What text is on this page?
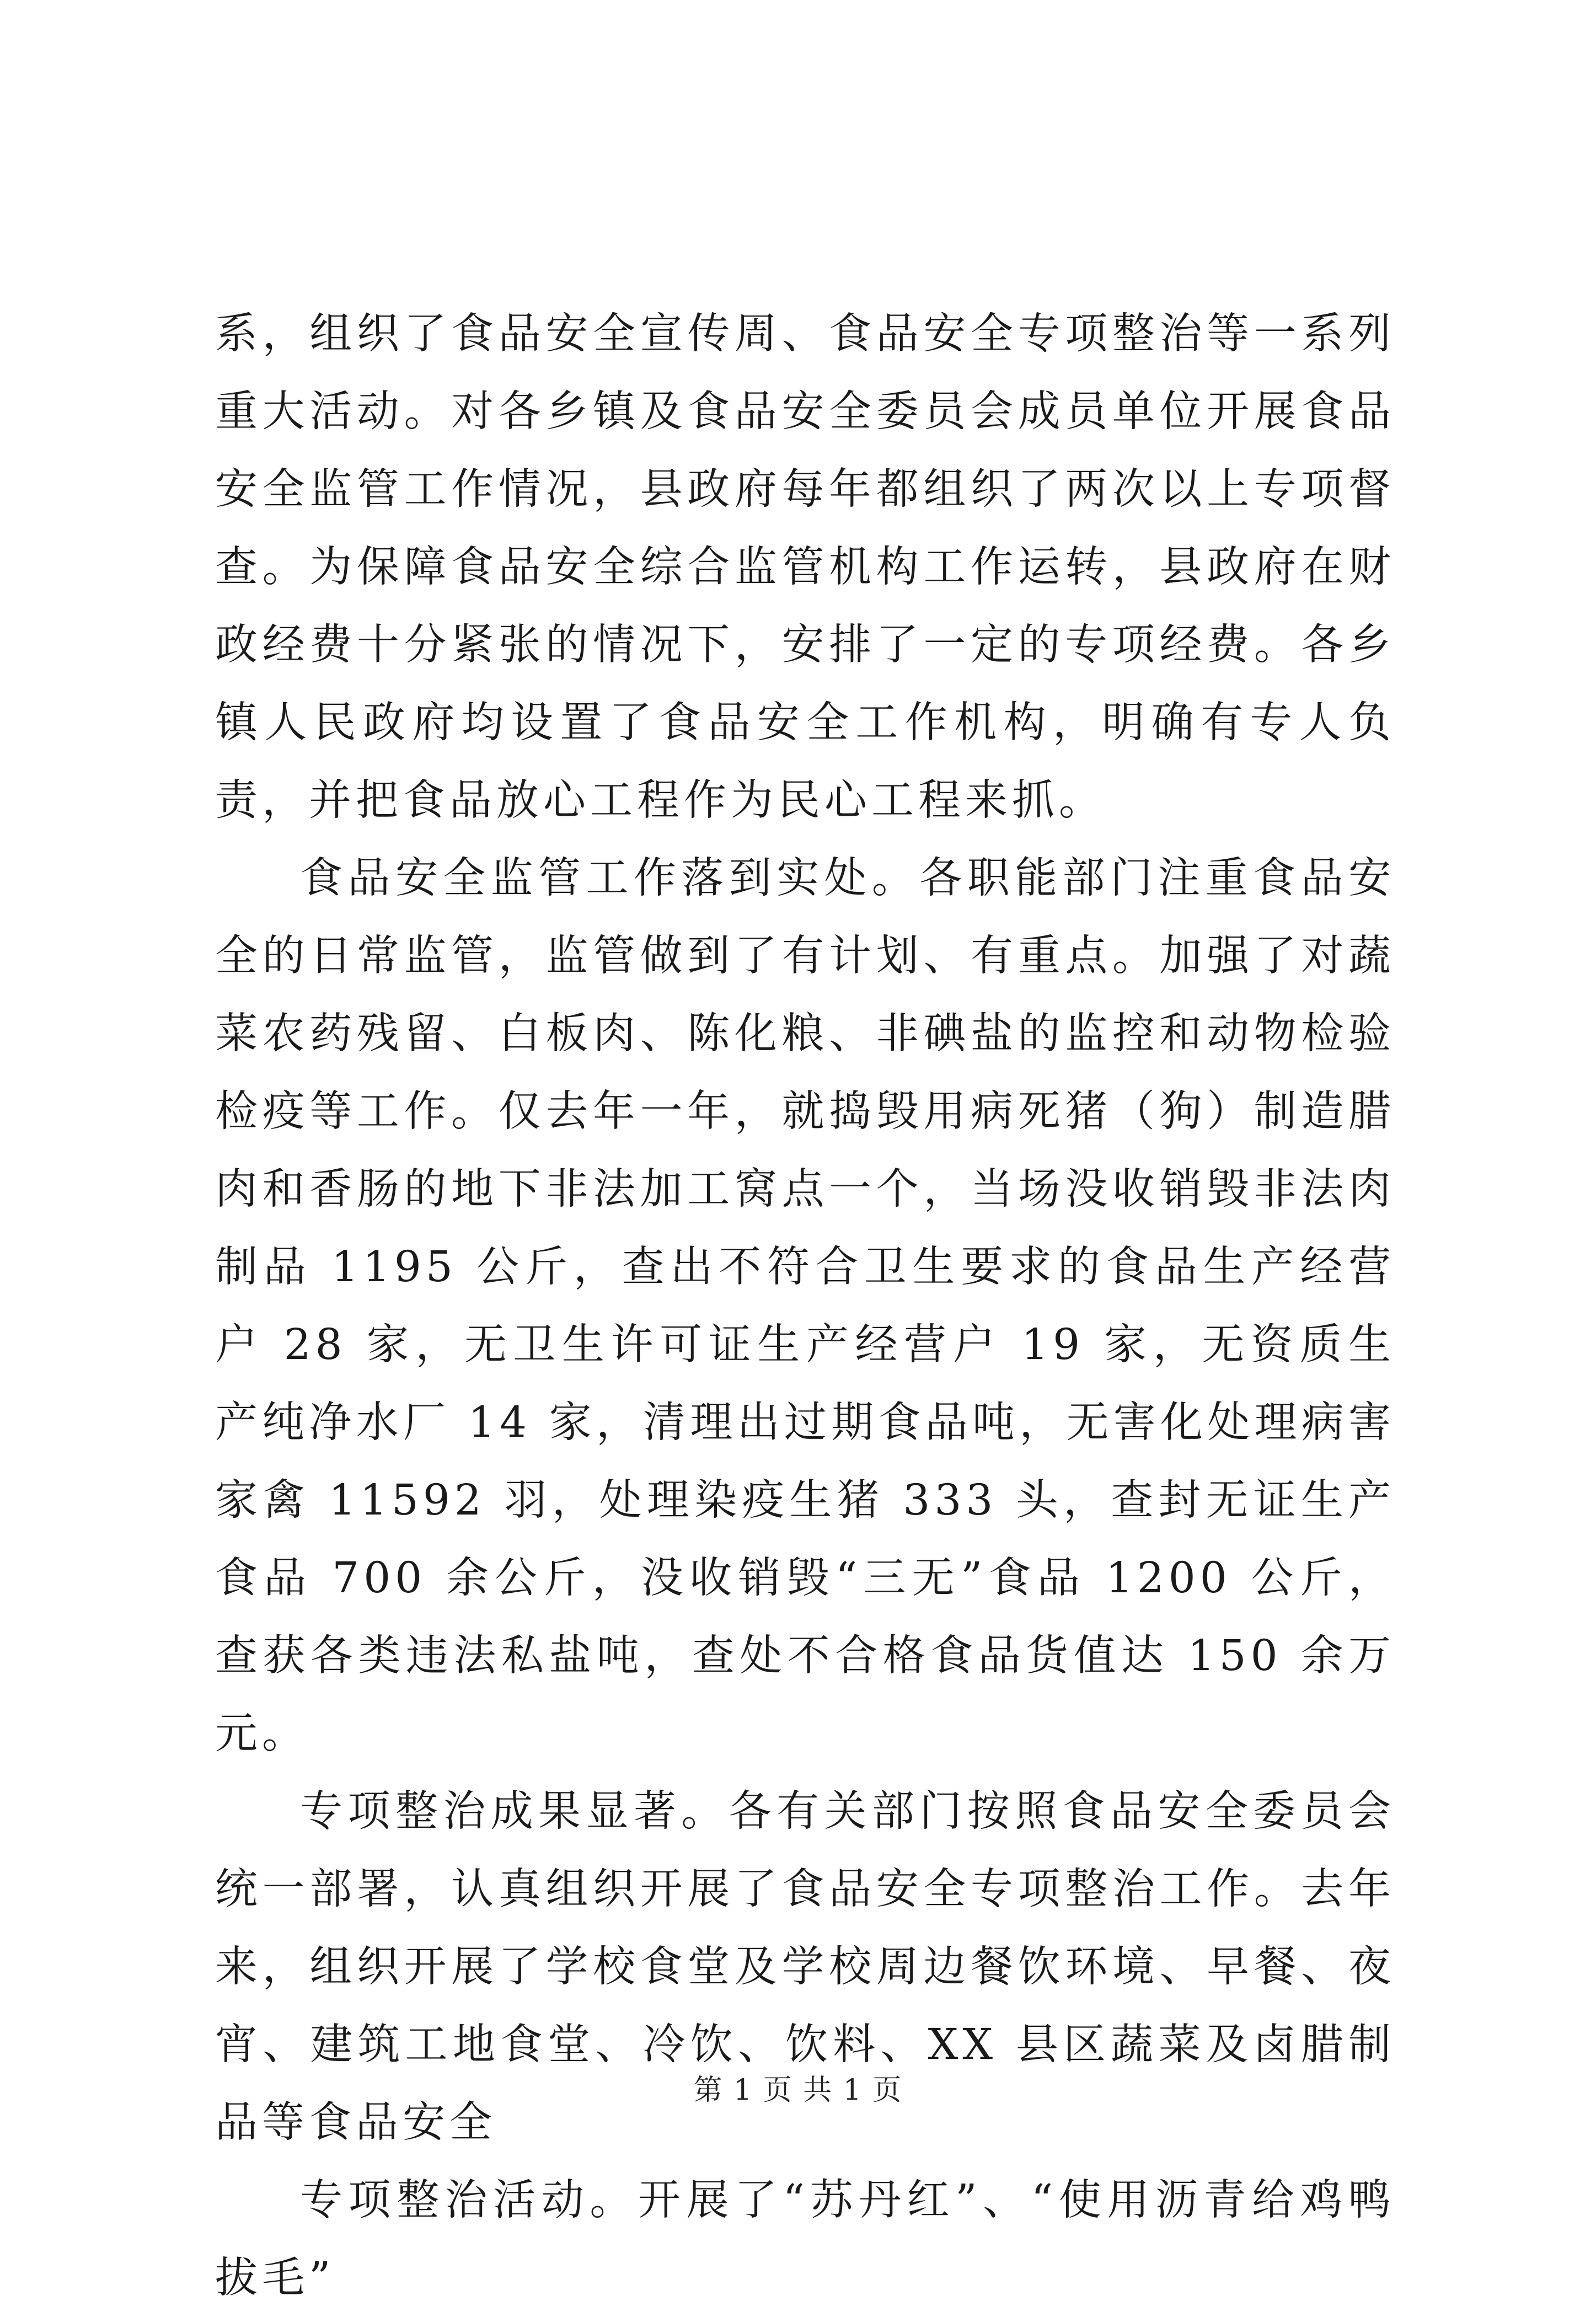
系，组织了食品安全宣传周、食品安全专项整治等一系列重大活动。对各乡镇及食品安全委员会成员单位开展食品安全监管工作情况，县政府每年都组织了两次以上专项督查。为保障食品安全综合监管机构工作运转，县政府在财政经费十分紧张的情况下，安排了一定的专项经费。各乡镇人民政府均设置了食品安全工作机构，明确有专人负责，并把食品放心工程作为民心工程来抓。

食品安全监管工作落到实处。各职能部门注重食品安全的日常监管，监管做到了有计划、有重点。加强了对蔬菜农药残留、白板肉、陈化粮、非碘盐的监控和动物检验检疫等工作。仅去年一年，就捣毁用病死猪（狗）制造腊肉和香肠的地下非法加工窝点一个，当场没收销毁非法肉制品 1195 公斤，查出不符合卫生要求的食品生产经营户 28 家，无卫生许可证生产经营户 19 家，无资质生产纯净水厂 14 家，清理出过期食品吨，无害化处理病害家禽 11592 羽，处理染疫生猪 333 头，查封无证生产食品 700 余公斤，没收销毁“三无”食品 1200 公斤，查获各类违法私盐吨，查处不合格食品货值达 150 余万元。

专项整治成果显著。各有关部门按照食品安全委员会统一部署，认真组织开展了食品安全专项整治工作。去年来，组织开展了学校食堂及学校周边餐饮环境、早餐、夜宵、建筑工地食堂、冷饮、饮料、XX 县区蔬菜及卤腊制品等食品安全

专项整治活动。开展了“苏丹红”、“使用沥青给鸡鸭拔毛”

第 1 页 共 1 页
